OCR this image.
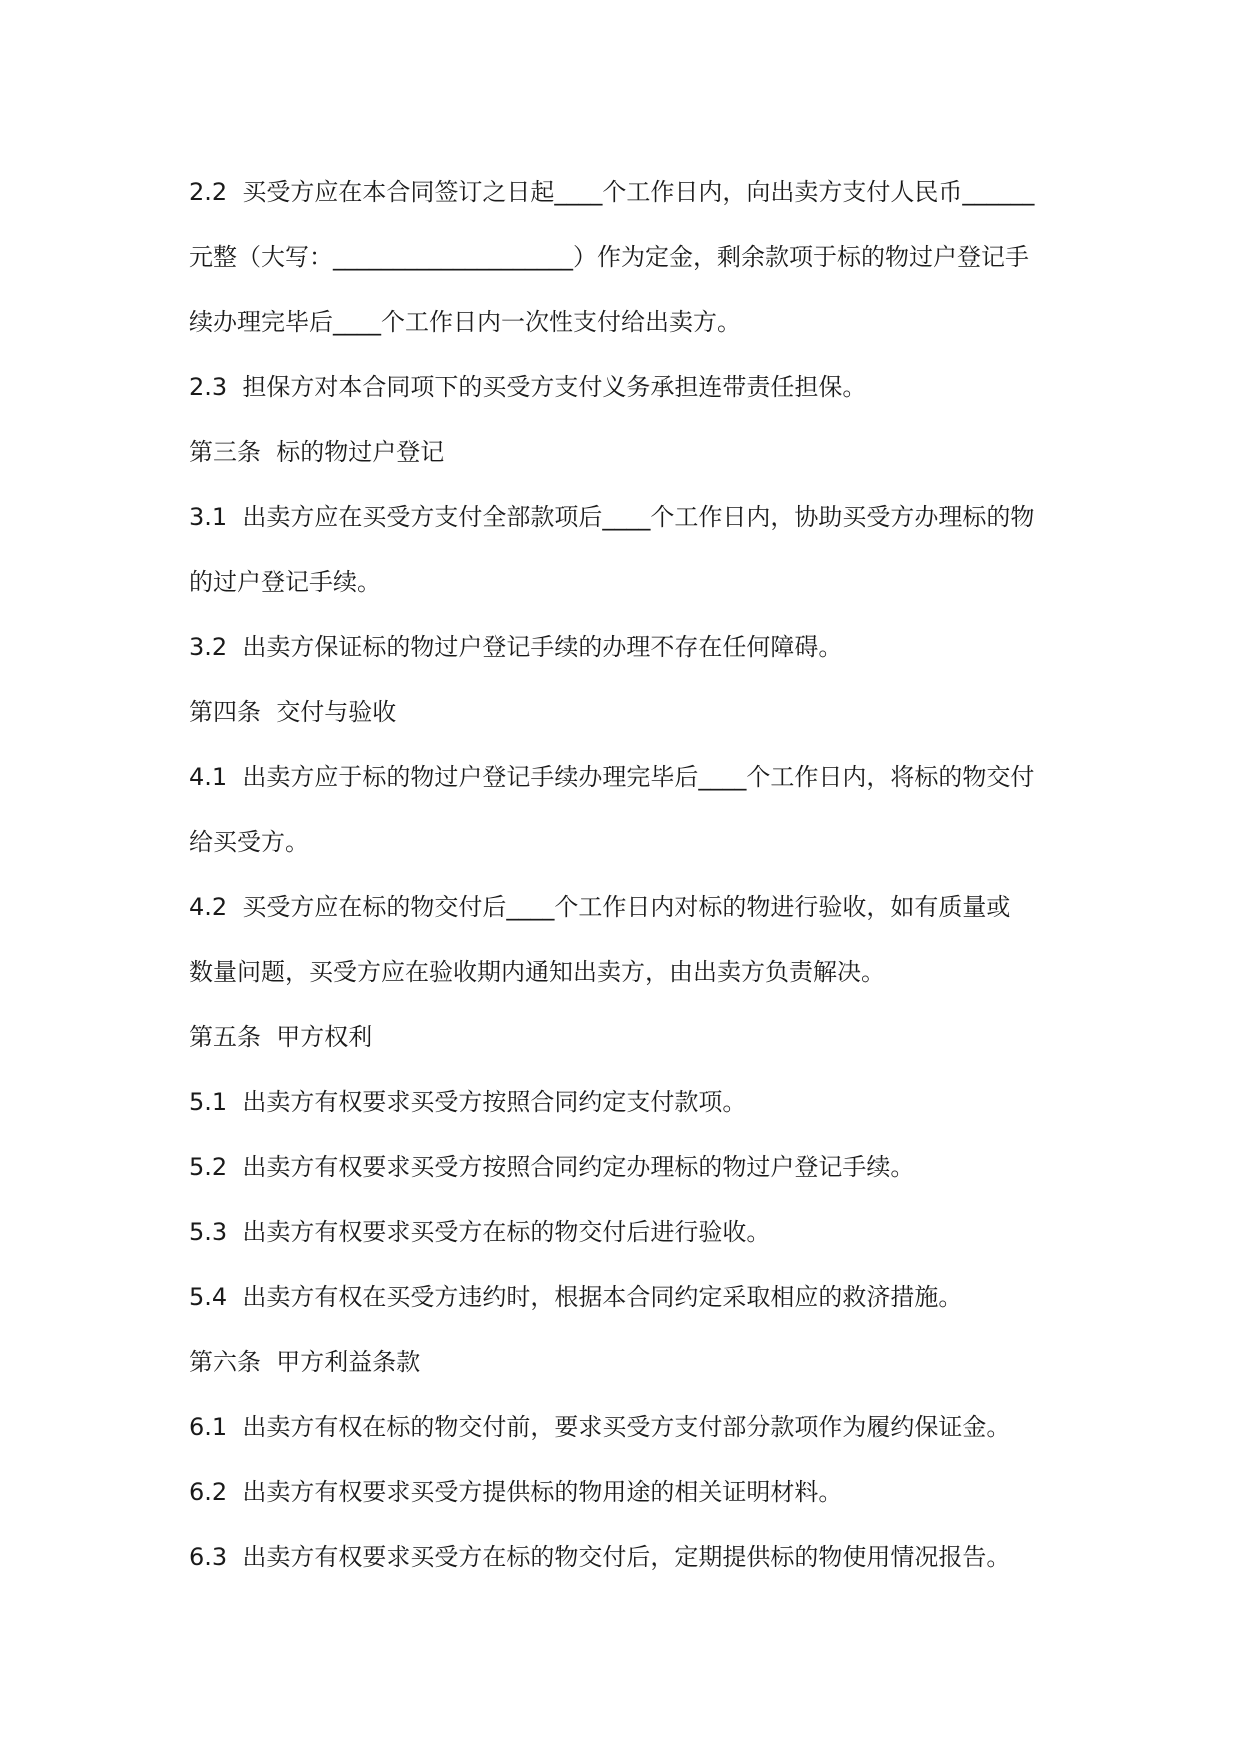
2.2  买受方应在本合同签订之日起____个工作日内，向出卖方支付人民币______
元整（大写：____________________）作为定金，剩余款项于标的物过户登记手
续办理完毕后____个工作日内一次性支付给出卖方。
2.3  担保方对本合同项下的买受方支付义务承担连带责任担保。
第三条  标的物过户登记
3.1  出卖方应在买受方支付全部款项后____个工作日内，协助买受方办理标的物
的过户登记手续。
3.2  出卖方保证标的物过户登记手续的办理不存在任何障碍。
第四条  交付与验收
4.1  出卖方应于标的物过户登记手续办理完毕后____个工作日内，将标的物交付
给买受方。
4.2  买受方应在标的物交付后____个工作日内对标的物进行验收，如有质量或
数量问题，买受方应在验收期内通知出卖方，由出卖方负责解决。
第五条  甲方权利
5.1  出卖方有权要求买受方按照合同约定支付款项。
5.2  出卖方有权要求买受方按照合同约定办理标的物过户登记手续。
5.3  出卖方有权要求买受方在标的物交付后进行验收。
5.4  出卖方有权在买受方违约时，根据本合同约定采取相应的救济措施。
第六条  甲方利益条款
6.1  出卖方有权在标的物交付前，要求买受方支付部分款项作为履约保证金。
6.2  出卖方有权要求买受方提供标的物用途的相关证明材料。
6.3  出卖方有权要求买受方在标的物交付后，定期提供标的物使用情况报告。
